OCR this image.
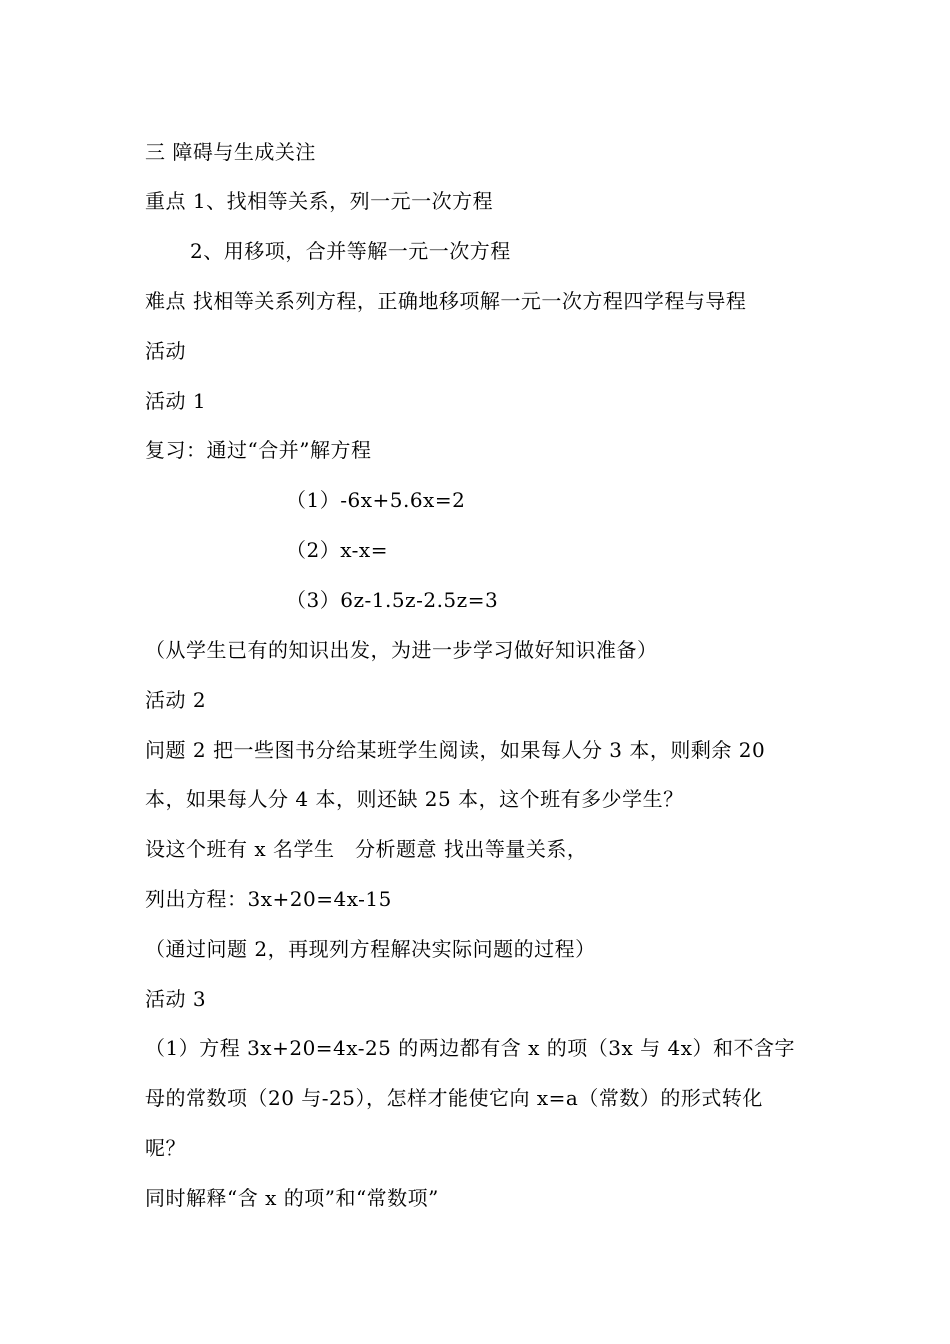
三 障碍与生成关注
重点 1、找相等关系，列一元一次方程
2、用移项，合并等解一元一次方程
难点 找相等关系列方程，正确地移项解一元一次方程四学程与导程
活动
活动 1
复习：通过“合并”解方程
（1）-6x+5.6x=2
（2）x-x=
（3）6z-1.5z-2.5z=3
（从学生已有的知识出发，为进一步学习做好知识准备）
活动 2
问题 2 把一些图书分给某班学生阅读，如果每人分 3 本，则剩余 20
本，如果每人分 4 本，则还缺 25 本，这个班有多少学生？
设这个班有 x 名学生　分析题意 找出等量关系，
列出方程：3x+20=4x-15
（通过问题 2，再现列方程解决实际问题的过程）
活动 3
（1）方程 3x+20=4x-25 的两边都有含 x 的项（3x 与 4x）和不含字
母的常数项（20 与-25），怎样才能使它向 x=a（常数）的形式转化
呢？
同时解释“含 x 的项”和“常数项”
